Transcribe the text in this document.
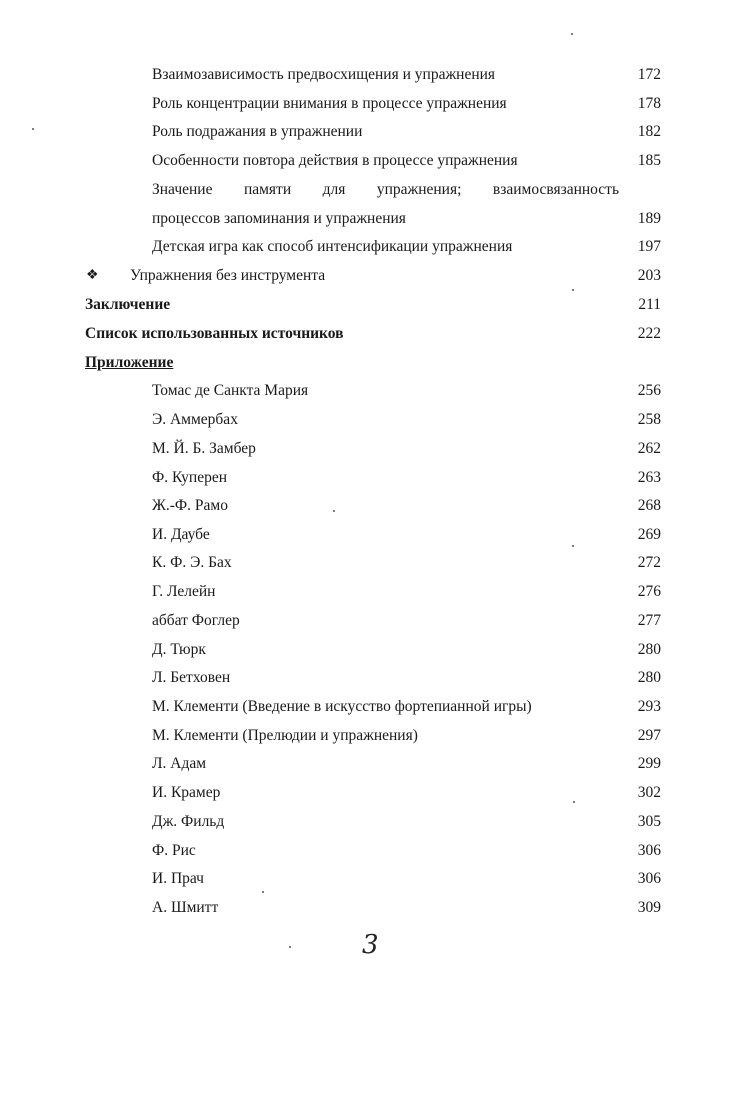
Взаимозависимость предвосхищения и упражнения	172
Роль концентрации внимания в процессе упражнения	178
Роль подражания в упражнении	182
Особенности повтора действия в процессе упражнения	185
Значение памяти для упражнения; взаимосвязанность
процессов запоминания и упражнения	189
Детская игра как способ интенсификации упражнения	197
❖ Упражнения без инструмента	203
Заключение	211
Список использованных источников	222
Приложение
Томас де Санкта Мария	256
Э. Аммербах	258
М. Й. Б. Замбер	262
Ф. Куперен	263
Ж.-Ф. Рамо	268
И. Даубе	269
К. Ф. Э. Бах	272
Г. Лелейн	276
аббат Фоглер	277
Д. Тюрк	280
Л. Бетховен	280
М. Клементи (Введение в искусство фортепианной игры)	293
М. Клементи (Прелюдии и упражнения)	297
Л. Адам	299
И. Крамер	302
Дж. Фильд	305
Ф. Рис	306
И. Прач	306
А. Шмитт	309
3
